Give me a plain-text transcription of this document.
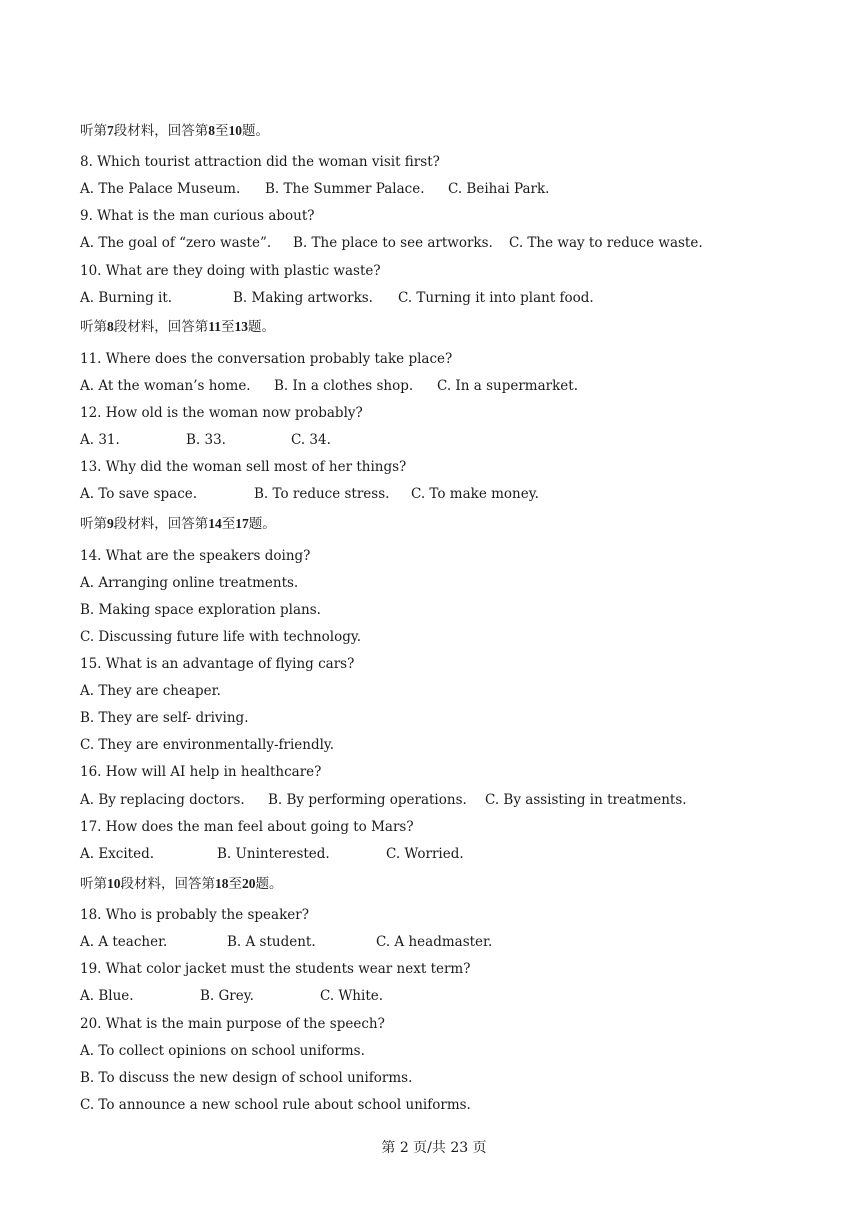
听第7段材料，回答第8至10题。
8. Which tourist attraction did the woman visit first?
A. The Palace Museum. B. The Summer Palace. C. Beihai Park.
9. What is the man curious about?
A. The goal of “zero waste”. B. The place to see artworks. C. The way to reduce waste.
10. What are they doing with plastic waste?
A. Burning it.	B. Making artworks. C. Turning it into plant food.
听第8段材料，回答第11至13题。
11. Where does the conversation probably take place?
A. At the woman’s home. B. In a clothes shop. C. In a supermarket.
12. How old is the woman now probably?
A. 31.	B. 33.	C. 34.
13. Why did the woman sell most of her things?
A. To save space.	B. To reduce stress. C. To make money.
听第9段材料，回答第14至17题。
14. What are the speakers doing?
A. Arranging online treatments.
B. Making space exploration plans.
C. Discussing future life with technology.
15. What is an advantage of flying cars?
A. They are cheaper.
B. They are self- driving.
C. They are environmentally-friendly.
16. How will AI help in healthcare?
A. By replacing doctors. B. By performing operations. C. By assisting in treatments.
17. How does the man feel about going to Mars?
A. Excited.	B. Uninterested.	C. Worried.
听第10段材料，回答第18至20题。
18. Who is probably the speaker?
A. A teacher.	B. A student.	C. A headmaster.
19. What color jacket must the students wear next term?
A. Blue.	B. Grey.	C. White.
20. What is the main purpose of the speech?
A. To collect opinions on school uniforms.
B. To discuss the new design of school uniforms.
C. To announce a new school rule about school uniforms.
第 2 页/共 23 页
